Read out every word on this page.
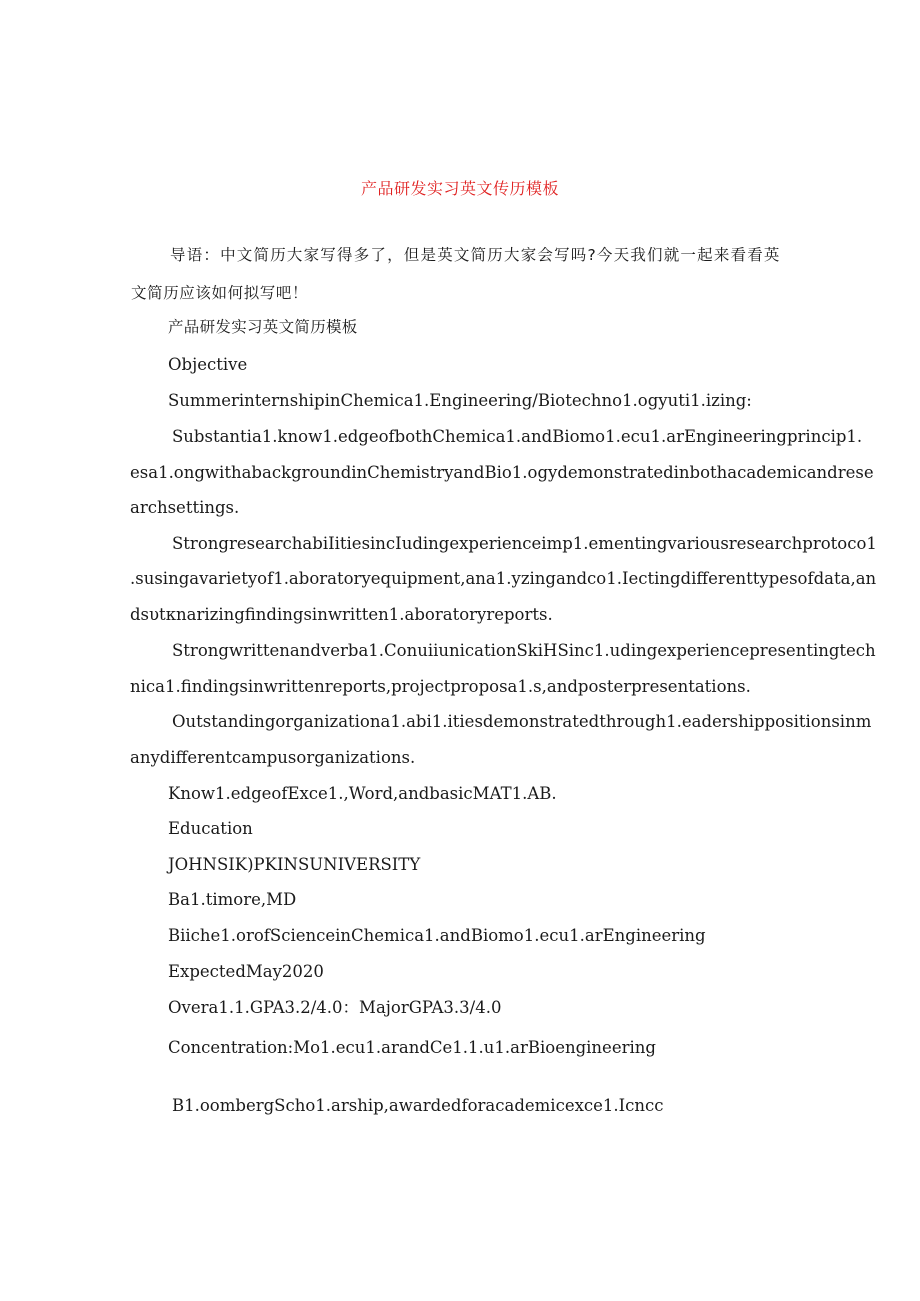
产品研发实习英文传历模板
导语：中文简历大家写得多了，但是英文简历大家会写吗?今天我们就一起来看看英
文简历应该如何拟写吧！
产品研发实习英文简历模板
Objective
SummerinternshipinChemica1.Engineering/Biotechno1.ogyuti1.izing:
Substantia1.know1.edgeofbothChemica1.andBiomo1.ecu1.arEngineeringprincip1.
esa1.ongwithabackgroundinChemistryandBio1.ogydemonstratedinbothacademicandrese
archsettings.
StrongresearchabiIitiesincIudingexperienceimp1.ementingvariousresearchprotoco1
.susingavarietyof1.aboratoryequipment,ana1.yzingandco1.Iectingdifferenttypesofdata,an
dsυtκnarizingfindingsinwritten1.aboratoryreports.
Strongwrittenandverba1.ConuiiunicationSkiHSinc1.udingexperiencepresentingtech
nica1.findingsinwrittenreports,projectproposa1.s,andposterpresentations.
Outstandingorganizationa1.abi1.itiesdemonstratedthrough1.eadershippositionsinm
anydifferentcampusorganizations.
Know1.edgeofExce1.,Word,andbasicMAT1.AB.
Education
JOHNSIK)PKINSUNIVERSITY
Ba1.timore,MD
Biiche1.orofScienceinChemica1.andBiomo1.ecu1.arEngineering
ExpectedMay2020
Overa1.1.GPA3.2/4.0：MajorGPA3.3/4.0
Concentration:Mo1.ecu1.arandCe1.1.u1.arBioengineering
B1.oombergScho1.arship,awardedforacademicexce1.Icncc
